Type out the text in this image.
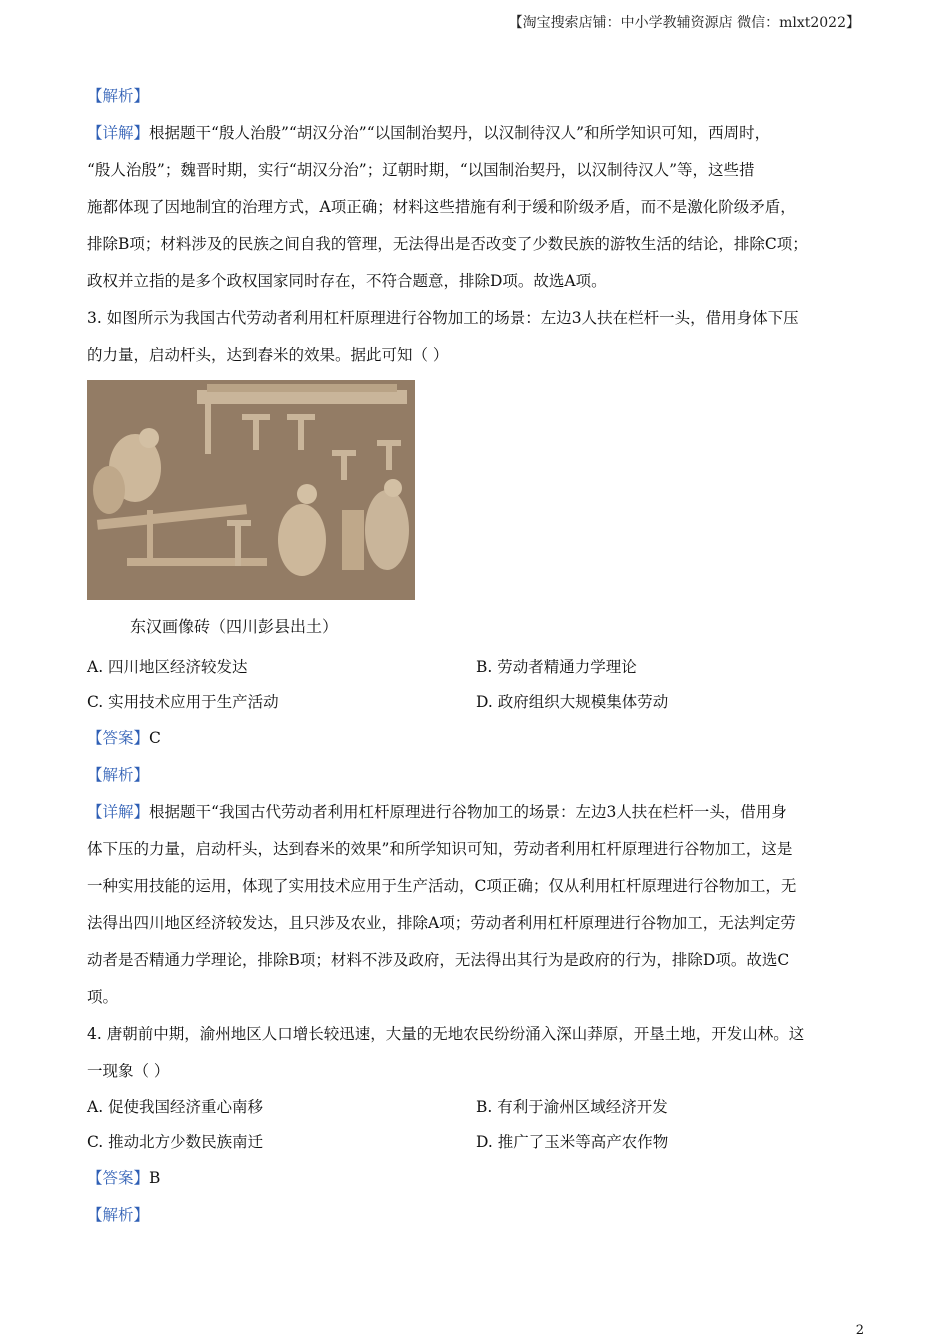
【淘宝搜索店铺：中小学教辅资源店 微信：mlxt2022】
【解析】
【详解】根据题干“殷人治殷”“胡汉分治”“以国制治契丹，以汉制待汉人”和所学知识可知，西周时，
“殷人治殷”；魏晋时期，实行“胡汉分治”；辽朝时期，“以国制治契丹，以汉制待汉人”等，这些措
施都体现了因地制宜的治理方式，A项正确；材料这些措施有利于缓和阶级矛盾，而不是激化阶级矛盾，
排除B项；材料涉及的民族之间自我的管理，无法得出是否改变了少数民族的游牧生活的结论，排除C项；
政权并立指的是多个政权国家同时存在，不符合题意，排除D项。故选A项。
3. 如图所示为我国古代劳动者利用杠杆原理进行谷物加工的场景：左边3人扶在栏杆一头，借用身体下压
的力量，启动杆头，达到舂米的效果。据此可知（ ）
东汉画像砖（四川彭县出土）
A. 四川地区经济较发达	B. 劳动者精通力学理论
C. 实用技术应用于生产活动	D. 政府组织大规模集体劳动
【答案】C
【解析】
【详解】根据题干“我国古代劳动者利用杠杆原理进行谷物加工的场景：左边3人扶在栏杆一头，借用身
体下压的力量，启动杆头，达到舂米的效果”和所学知识可知，劳动者利用杠杆原理进行谷物加工，这是
一种实用技能的运用，体现了实用技术应用于生产活动，C项正确；仅从利用杠杆原理进行谷物加工，无
法得出四川地区经济较发达，且只涉及农业，排除A项；劳动者利用杠杆原理进行谷物加工，无法判定劳
动者是否精通力学理论，排除B项；材料不涉及政府，无法得出其行为是政府的行为，排除D项。故选C
项。
4. 唐朝前中期，渝州地区人口增长较迅速，大量的无地农民纷纷涌入深山莽原，开垦土地，开发山林。这
一现象（ ）
A. 促使我国经济重心南移	B. 有利于渝州区域经济开发
C. 推动北方少数民族南迁	D. 推广了玉米等高产农作物
【答案】B
【解析】
2
